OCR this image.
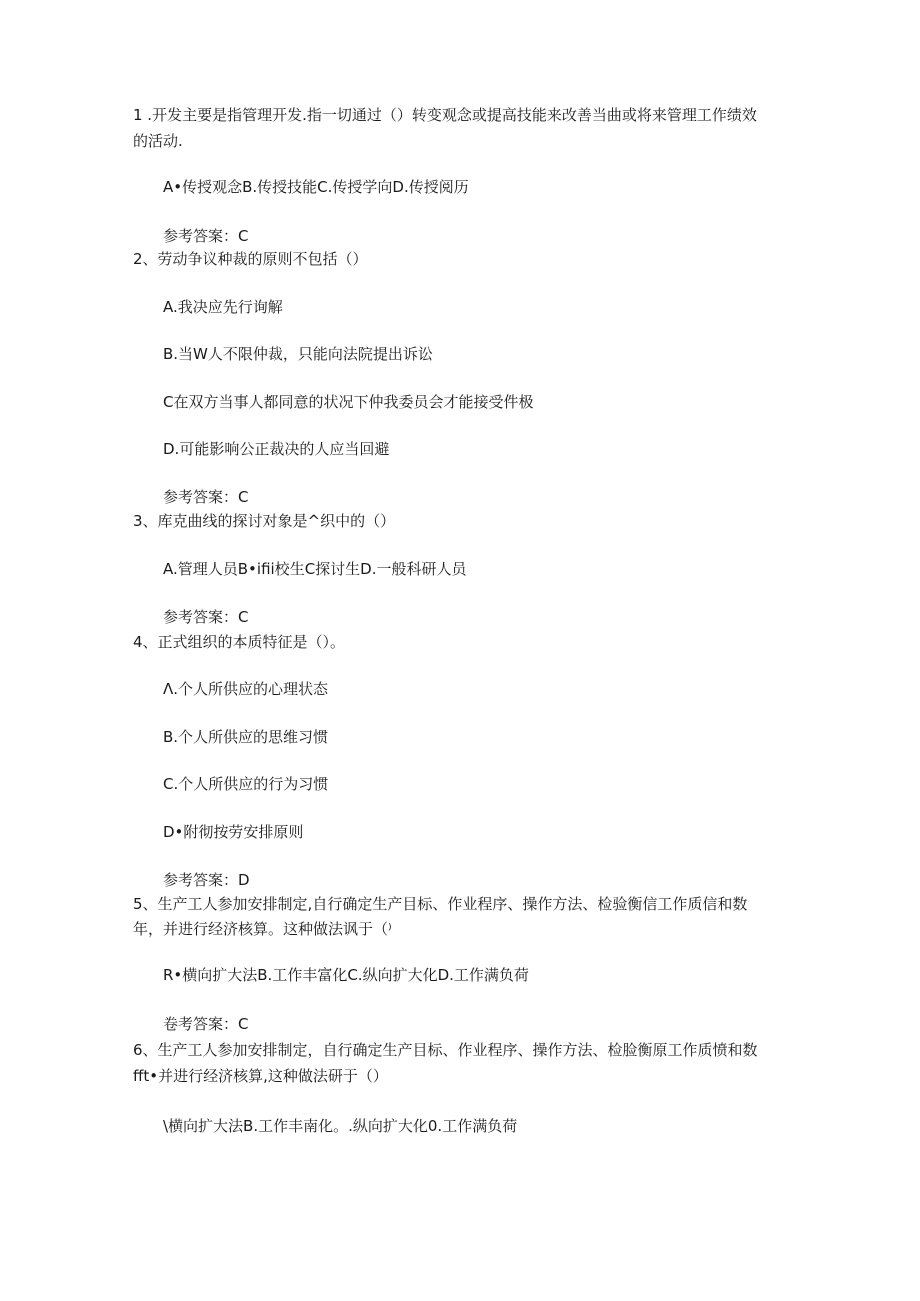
1 .开发主要是指管理开发.指一切通过（）转变观念或提高技能来改善当曲或将来管理工作绩效
的活动.
A•传授观念B.传授技能C.传授学向D.传授阅历
参考答案：C
2、劳动争议种裁的原则不包括（）
A.我决应先行询解
B.当W人不限仲裁，只能向法院提出诉讼
C在双方当事人都同意的状况下仲我委员会才能接受件极
D.可能影响公正裁决的人应当回避
参考答案：C
3、库克曲线的探讨对象是^织中的（）
A.管理人员B•ifii校生C探讨生D.一般科研人员
参考答案：C
4、正式组织的本质特征是（）。
Λ.个人所供应的心理状态
B.个人所供应的思维习惯
C.个人所供应的行为习惯
D•附彻按劳安排原则
参考答案：D
5、生产工人参加安排制定,自行确定生产目标、作业程序、操作方法、检验衡信工作质信和数
年，并进行经济核算。这种做法讽于（⁾
R•横向扩大法B.工作丰富化C.纵向扩大化D.工作满负荷
卷考答案：C
6、生产工人参加安排制定，自行确定生产目标、作业程序、操作方法、检脸衡原工作质愤和数
fft•并进行经济核算,这种做法研于（）
\横向扩大法B.工作丰南化。.纵向扩大化0.工作满负荷
